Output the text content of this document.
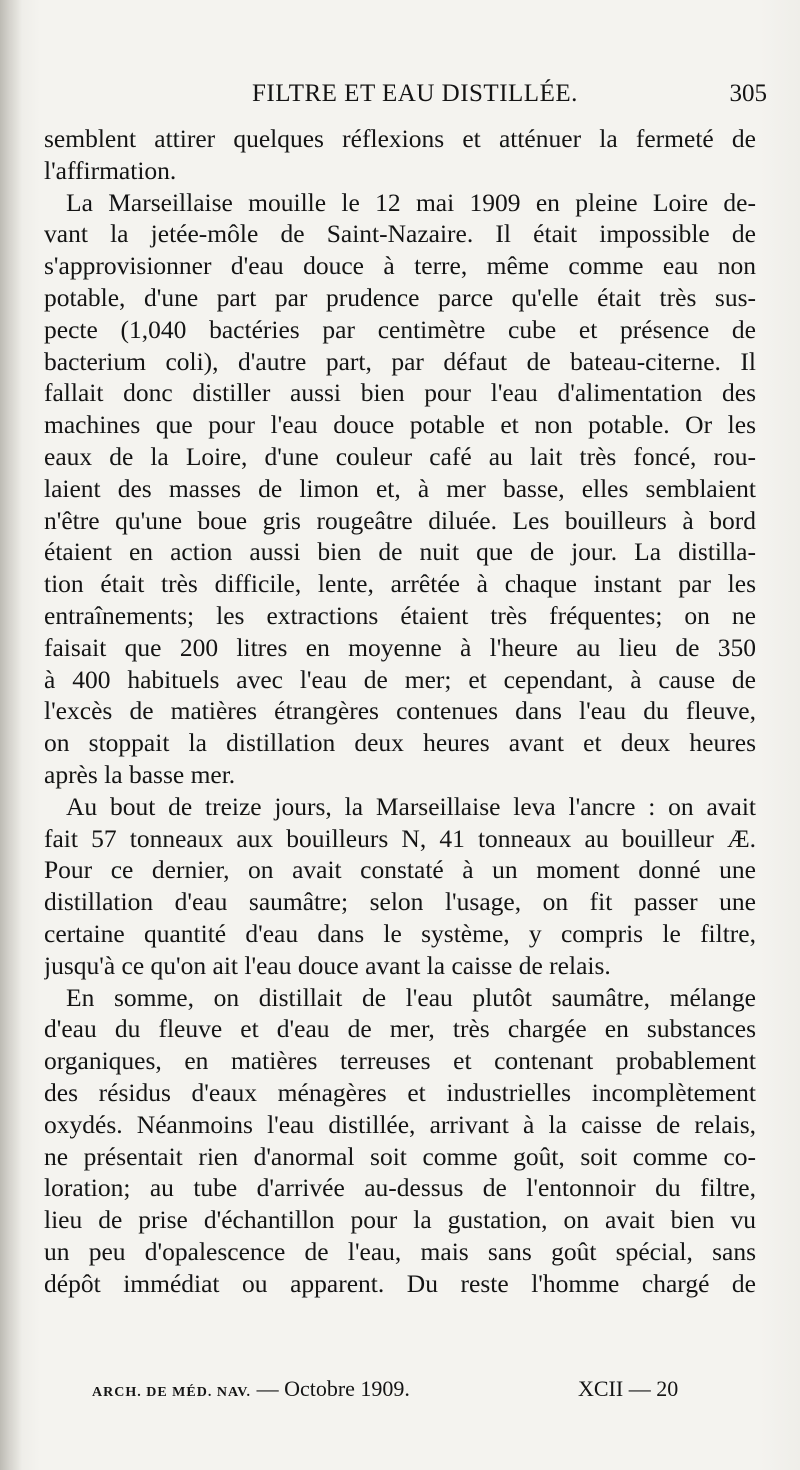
FILTRE ET EAU DISTILLÉE.	305
semblent attirer quelques réflexions et atténuer la fermeté de
l'affirmation.
La Marseillaise mouille le 12 mai 1909 en pleine Loire de-
vant la jetée-môle de Saint-Nazaire. Il était impossible de
s'approvisionner d'eau douce à terre, même comme eau non
potable, d'une part par prudence parce qu'elle était très sus-
pecte (1,040 bactéries par centimètre cube et présence de
bacterium coli), d'autre part, par défaut de bateau-citerne. Il
fallait donc distiller aussi bien pour l'eau d'alimentation des
machines que pour l'eau douce potable et non potable. Or les
eaux de la Loire, d'une couleur café au lait très foncé, rou-
laient des masses de limon et, à mer basse, elles semblaient
n'être qu'une boue gris rougeâtre diluée. Les bouilleurs à bord
étaient en action aussi bien de nuit que de jour. La distilla-
tion était très difficile, lente, arrêtée à chaque instant par les
entraînements; les extractions étaient très fréquentes; on ne
faisait que 200 litres en moyenne à l'heure au lieu de 350
à 400 habituels avec l'eau de mer; et cependant, à cause de
l'excès de matières étrangères contenues dans l'eau du fleuve,
on stoppait la distillation deux heures avant et deux heures
après la basse mer.
Au bout de treize jours, la Marseillaise leva l'ancre : on avait
fait 57 tonneaux aux bouilleurs N, 41 tonneaux au bouilleur Æ.
Pour ce dernier, on avait constaté à un moment donné une
distillation d'eau saumâtre; selon l'usage, on fit passer une
certaine quantité d'eau dans le système, y compris le filtre,
jusqu'à ce qu'on ait l'eau douce avant la caisse de relais.
En somme, on distillait de l'eau plutôt saumâtre, mélange
d'eau du fleuve et d'eau de mer, très chargée en substances
organiques, en matières terreuses et contenant probablement
des résidus d'eaux ménagères et industrielles incomplètement
oxydés. Néanmoins l'eau distillée, arrivant à la caisse de relais,
ne présentait rien d'anormal soit comme goût, soit comme co-
loration; au tube d'arrivée au-dessus de l'entonnoir du filtre,
lieu de prise d'échantillon pour la gustation, on avait bien vu
un peu d'opalescence de l'eau, mais sans goût spécial, sans
dépôt immédiat ou apparent. Du reste l'homme chargé de
ARCH. DE MÉD. NAV. — Octobre 1909.	XCII — 20
